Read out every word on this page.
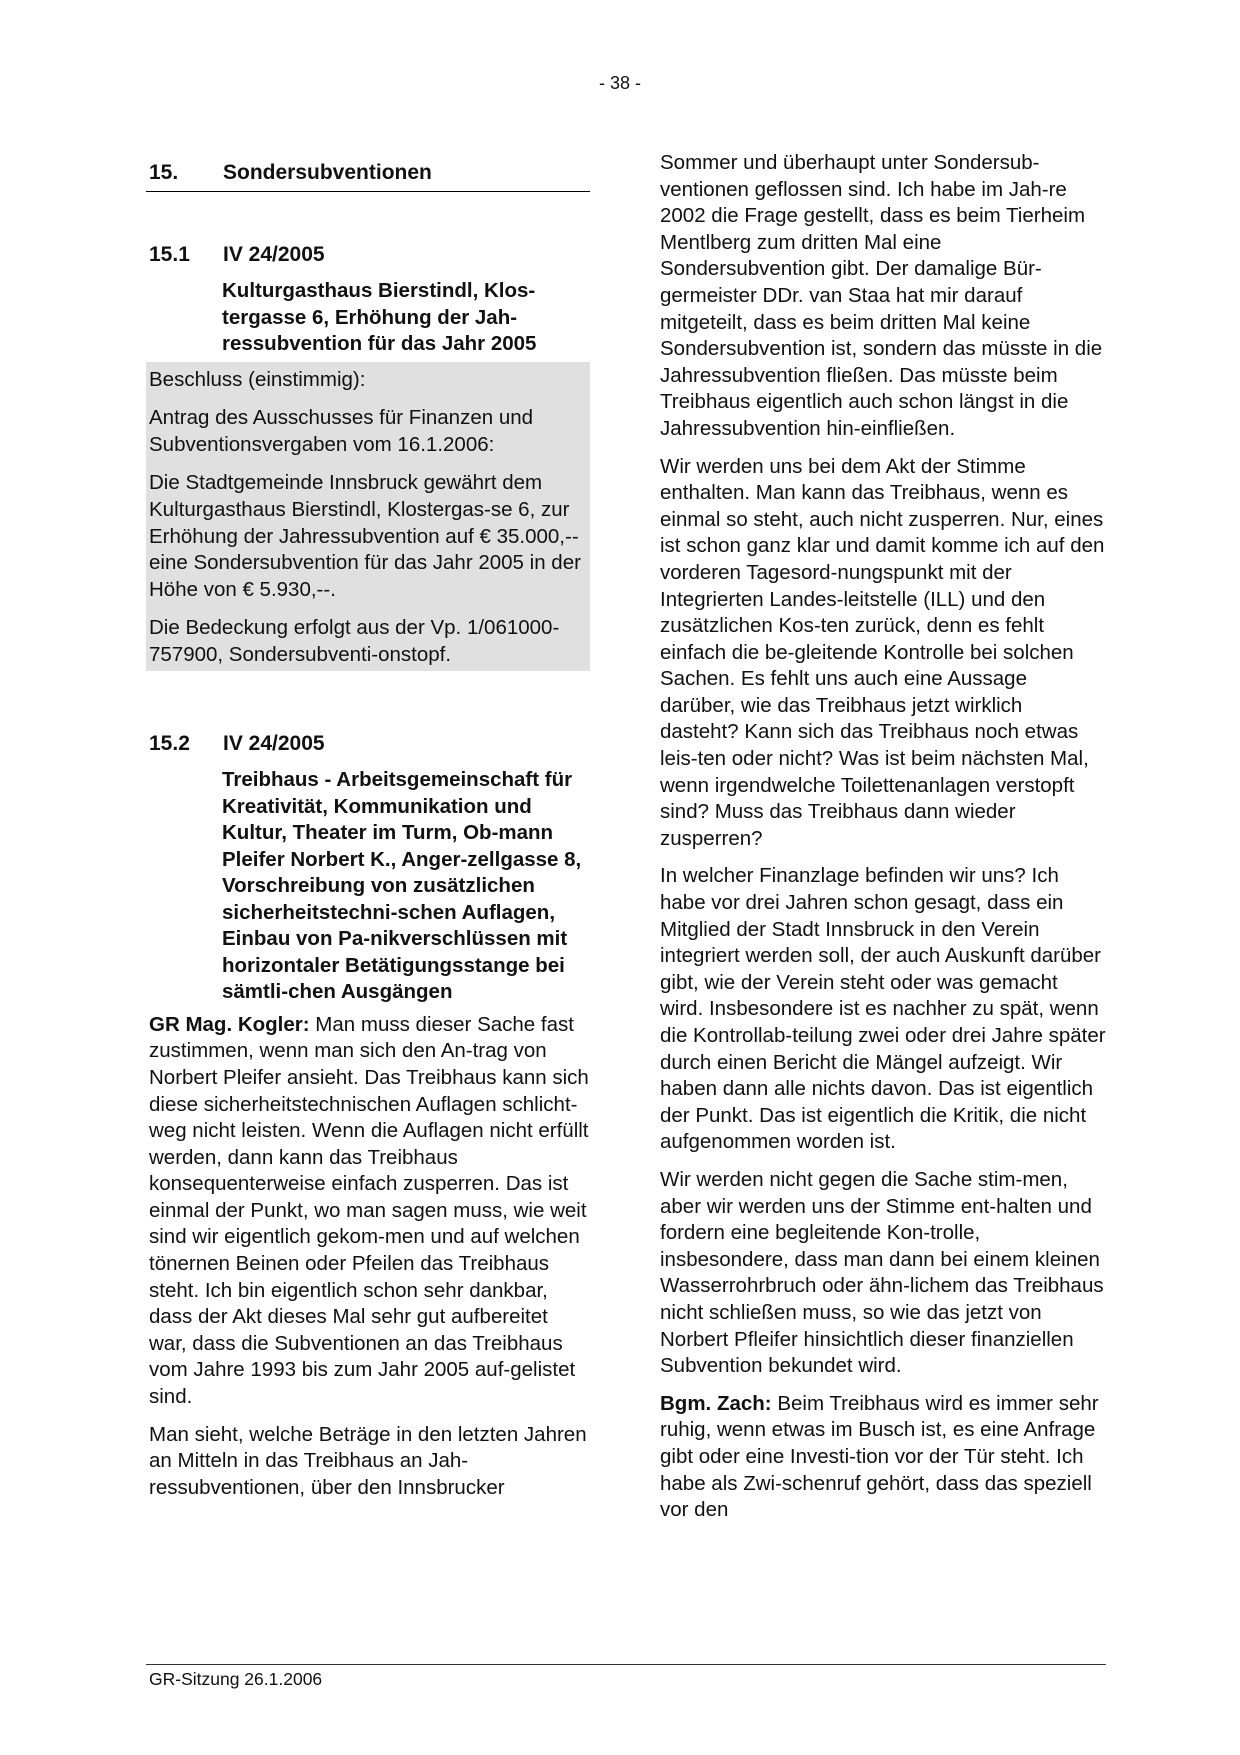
- 38 -
15.	Sondersubventionen
15.1	IV 24/2005
Kulturgasthaus Bierstindl, Klos-tergasse 6, Erhöhung der Jah-ressubvention für das Jahr 2005

Beschluss (einstimmig):

Antrag des Ausschusses für Finanzen und Subventionsvergaben vom 16.1.2006:

Die Stadtgemeinde Innsbruck gewährt dem Kulturgasthaus Bierstindl, Klostergas-se 6, zur Erhöhung der Jahressubvention auf € 35.000,-- eine Sondersubvention für das Jahr 2005 in der Höhe von € 5.930,--.

Die Bedeckung erfolgt aus der Vp. 1/061000-757900, Sondersubventi-onstopf.

15.2	IV 24/2005
Treibhaus - Arbeitsgemeinschaft für Kreativität, Kommunikation und Kultur, Theater im Turm, Ob-mann Pleifer Norbert K., Anger-zellgasse 8, Vorschreibung von zusätzlichen sicherheitstechni-schen Auflagen, Einbau von Pa-nikverschlüssen mit horizontaler Betätigungsstange bei sämtli-chen Ausgängen

GR Mag. Kogler: Man muss dieser Sache fast zustimmen, wenn man sich den An-trag von Norbert Pleifer ansieht. Das Treibhaus kann sich diese sicherheitstechnischen Auflagen schlicht-weg nicht leisten. Wenn die Auflagen nicht erfüllt werden, dann kann das Treibhaus konsequenterweise einfach zusperren. Das ist einmal der Punkt, wo man sagen muss, wie weit sind wir eigentlich gekom-men und auf welchen tönernen Beinen oder Pfeilen das Treibhaus steht. Ich bin eigentlich schon sehr dankbar, dass der Akt dieses Mal sehr gut aufbereitet war, dass die Subventionen an das Treibhaus vom Jahre 1993 bis zum Jahr 2005 auf-gelistet sind.

Man sieht, welche Beträge in den letzten Jahren an Mitteln in das Treibhaus an Jah-ressubventionen, über den Innsbrucker

Sommer und überhaupt unter Sondersub-ventionen geflossen sind. Ich habe im Jah-re 2002 die Frage gestellt, dass es beim Tierheim Mentlberg zum dritten Mal eine Sondersubvention gibt. Der damalige Bür-germeister DDr. van Staa hat mir darauf mitgeteilt, dass es beim dritten Mal keine Sondersubvention ist, sondern das müsste in die Jahressubvention fließen. Das müsste beim Treibhaus eigentlich auch schon längst in die Jahressubvention hin-einfließen.

Wir werden uns bei dem Akt der Stimme enthalten. Man kann das Treibhaus, wenn es einmal so steht, auch nicht zusperren. Nur, eines ist schon ganz klar und damit komme ich auf den vorderen Tagesord-nungspunkt mit der Integrierten Landes-leitstelle (ILL) und den zusätzlichen Kos-ten zurück, denn es fehlt einfach die be-gleitende Kontrolle bei solchen Sachen. Es fehlt uns auch eine Aussage darüber, wie das Treibhaus jetzt wirklich dasteht? Kann sich das Treibhaus noch etwas leis-ten oder nicht? Was ist beim nächsten Mal, wenn irgendwelche Toilettenanlagen verstopft sind? Muss das Treibhaus dann wieder zusperren?

In welcher Finanzlage befinden wir uns? Ich habe vor drei Jahren schon gesagt, dass ein Mitglied der Stadt Innsbruck in den Verein integriert werden soll, der auch Auskunft darüber gibt, wie der Verein steht oder was gemacht wird. Insbesondere ist es nachher zu spät, wenn die Kontrollab-teilung zwei oder drei Jahre später durch einen Bericht die Mängel aufzeigt. Wir haben dann alle nichts davon. Das ist eigentlich der Punkt. Das ist eigentlich die Kritik, die nicht aufgenommen worden ist.

Wir werden nicht gegen die Sache stim-men, aber wir werden uns der Stimme ent-halten und fordern eine begleitende Kon-trolle, insbesondere, dass man dann bei einem kleinen Wasserrohrbruch oder ähn-lichem das Treibhaus nicht schließen muss, so wie das jetzt von Norbert Pfleifer hinsichtlich dieser finanziellen Subvention bekundet wird.

Bgm. Zach: Beim Treibhaus wird es immer sehr ruhig, wenn etwas im Busch ist, es eine Anfrage gibt oder eine Investi-tion vor der Tür steht. Ich habe als Zwi-schenruf gehört, dass das speziell vor den

GR-Sitzung 26.1.2006
